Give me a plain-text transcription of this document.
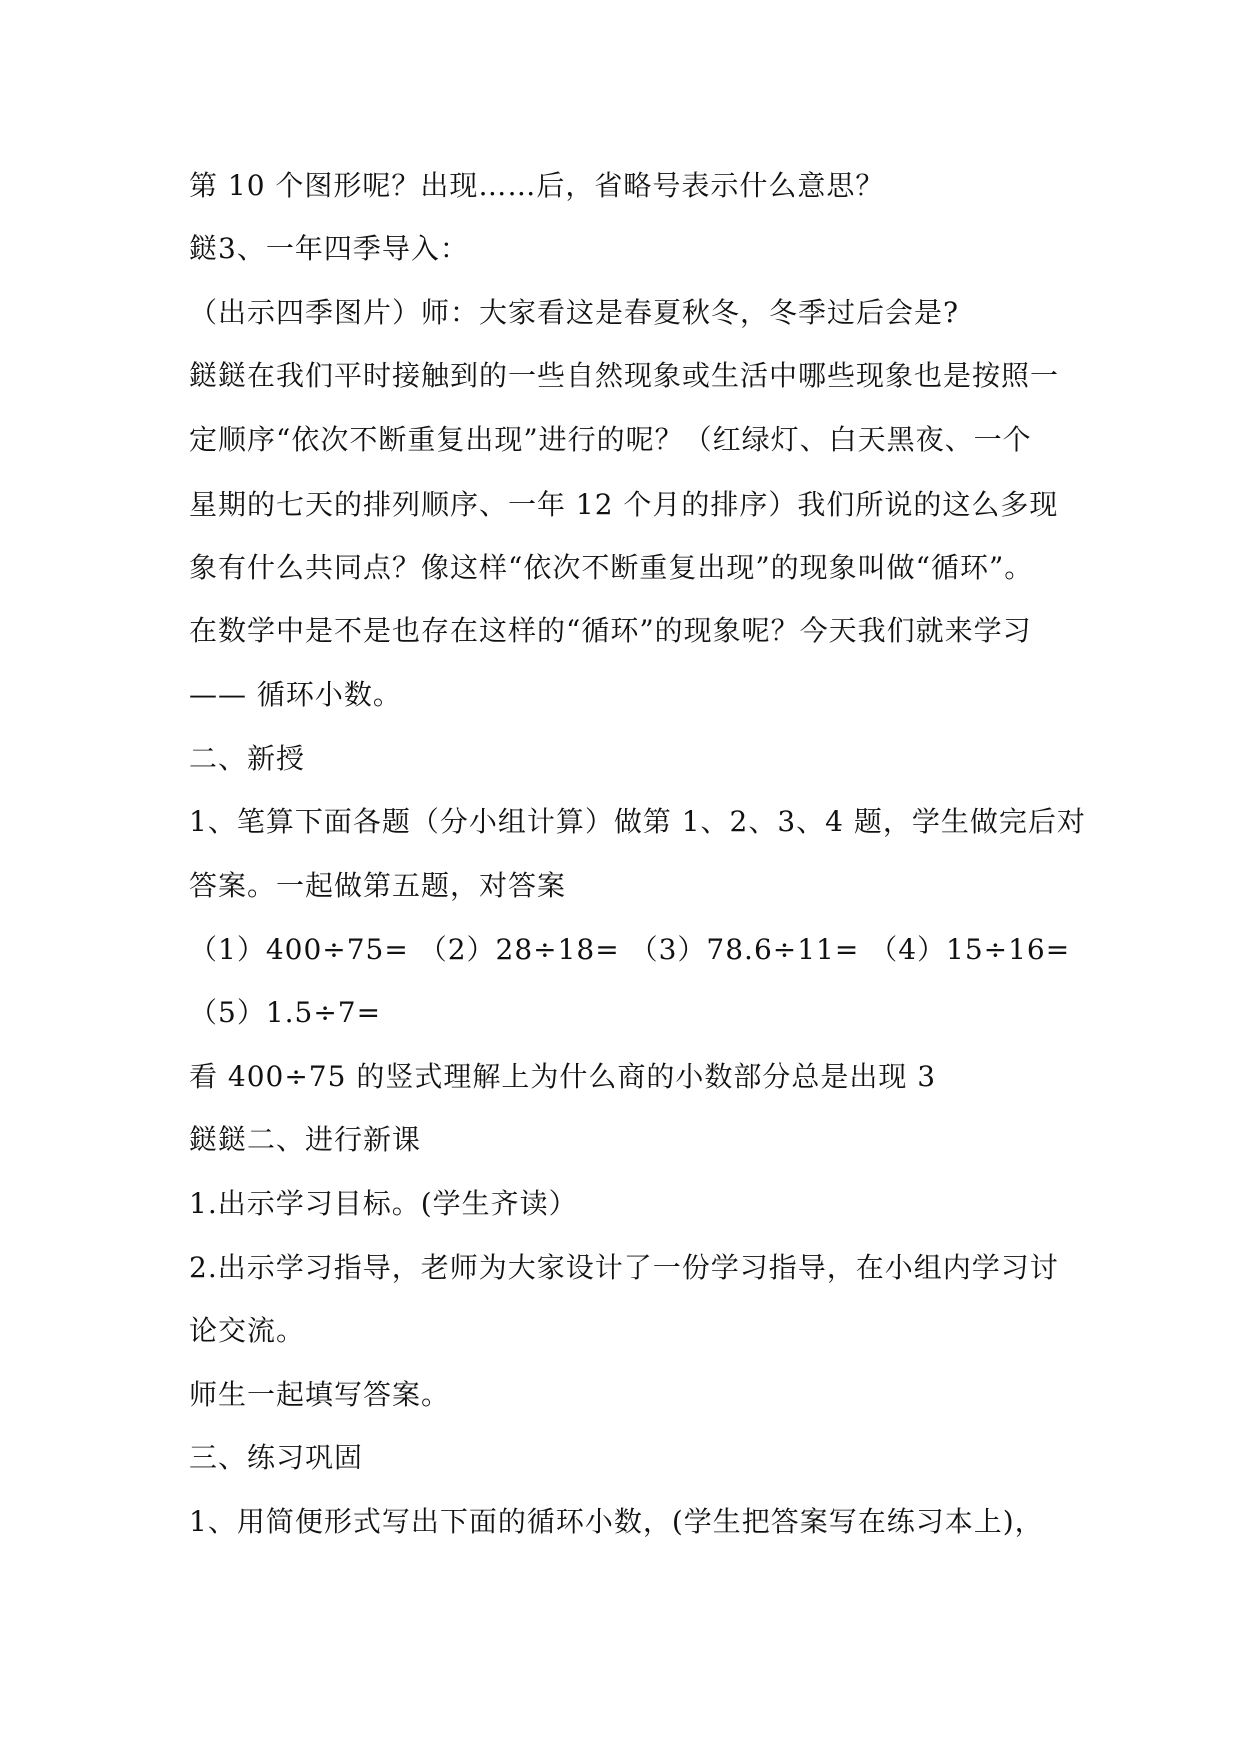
第 10 个图形呢？出现……后，省略号表示什么意思？
鎹3、一年四季导入：
（出示四季图片）师：大家看这是春夏秋冬，冬季过后会是?
鎹鎹在我们平时接触到的一些自然现象或生活中哪些现象也是按照一
定顺序“依次不断重复出现”进行的呢？（红绿灯、白天黑夜、一个
星期的七天的排列顺序、一年 12 个月的排序）我们所说的这么多现
象有什么共同点？像这样“依次不断重复出现”的现象叫做“循环”。
在数学中是不是也存在这样的“循环”的现象呢？今天我们就来学习
—— 循环小数。
二、新授
1、笔算下面各题（分小组计算）做第 1、2、3、4 题，学生做完后对
答案。一起做第五题，对答案
（1）400÷75= （2）28÷18= （3）78.6÷11= （4）15÷16=
（5）1.5÷7=
看 400÷75 的竖式理解上为什么商的小数部分总是出现 3
鎹鎹二、进行新课
1.出示学习目标。(学生齐读）
2.出示学习指导，老师为大家设计了一份学习指导，在小组内学习讨
论交流。
师生一起填写答案。
三、练习巩固
1、用简便形式写出下面的循环小数，(学生把答案写在练习本上)，
